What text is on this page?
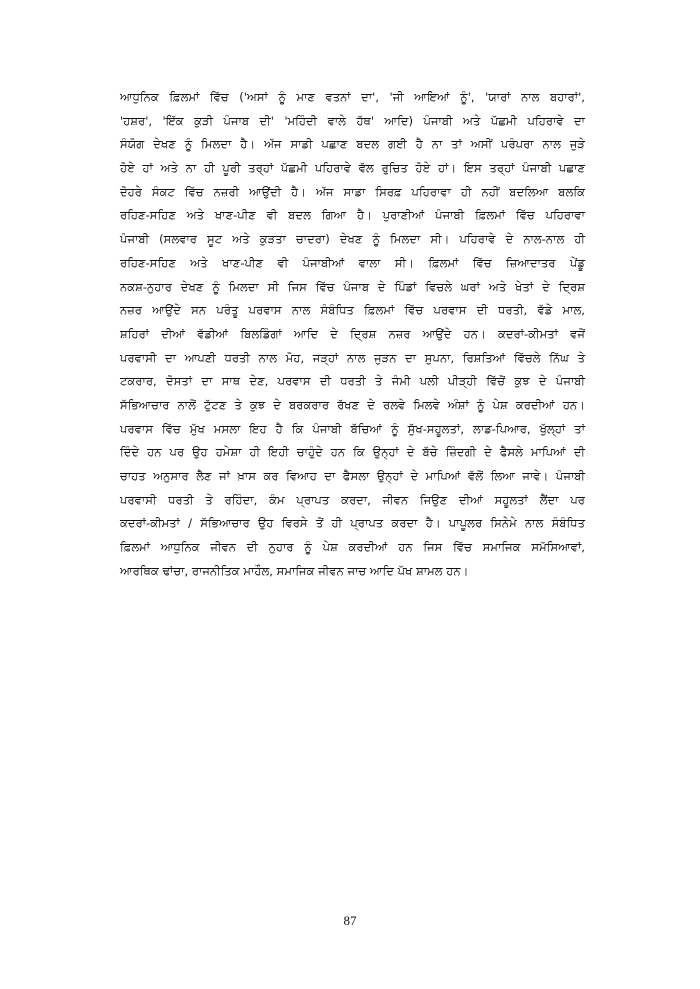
ਆਧੁਨਿਕ ਫ਼ਿਲਮਾਂ ਵਿੱਚ ('ਅਸਾਂ ਨੂੰ ਮਾਣ ਵਤਨਾਂ ਦਾ', 'ਜੀ ਆਇਆਂ ਨੂੰ', 'ਯਾਰਾਂ ਨਾਲ ਬਹਾਰਾਂ',
'ਹਸ਼ਰ', 'ਇੱਕ ਕੁੜੀ ਪੰਜਾਬ ਦੀ' 'ਮਹਿੰਦੀ ਵਾਲੇ ਹੱਥ' ਆਦਿ) ਪੰਜਾਬੀ ਅਤੇ ਪੱਛਮੀ ਪਹਿਰਾਵੇ ਦਾ
ਸੰਯੋਗ ਦੇਖਣ ਨੂੰ ਮਿਲਦਾ ਹੈ। ਅੱਜ ਸਾਡੀ ਪਛਾਣ ਬਦਲ ਗਈ ਹੈ ਨਾ ਤਾਂ ਅਸੀਂ ਪਰੰਪਰਾ ਨਾਲ ਜੁੜੇ
ਹੋਏ ਹਾਂ ਅਤੇ ਨਾ ਹੀ ਪੂਰੀ ਤਰ੍ਹਾਂ ਪੱਛਮੀ ਪਹਿਰਾਵੇ ਵੱਲ ਰੁਚਿਤ ਹੋਏ ਹਾਂ। ਇਸ ਤਰ੍ਹਾਂ ਪੰਜਾਬੀ ਪਛਾਣ
ਦੋਹਰੇ ਸੰਕਟ ਵਿੱਚ ਨਜ਼ਰੀ ਆਉਂਦੀ ਹੈ। ਅੱਜ ਸਾਡਾ ਸਿਰਫ਼ ਪਹਿਰਾਵਾ ਹੀ ਨਹੀਂ ਬਦਲਿਆ ਬਲਕਿ
ਰਹਿਣ-ਸਹਿਣ ਅਤੇ ਖਾਣ-ਪੀਣ ਵੀ ਬਦਲ ਗਿਆ ਹੈ। ਪੁਰਾਣੀਆਂ ਪੰਜਾਬੀ ਫ਼ਿਲਮਾਂ ਵਿੱਚ ਪਹਿਰਾਵਾ
ਪੰਜਾਬੀ (ਸਲਵਾਰ ਸੂਟ ਅਤੇ ਕੁੜਤਾ ਚਾਦਰਾ) ਦੇਖਣ ਨੂੰ ਮਿਲਦਾ ਸੀ। ਪਹਿਰਾਵੇ ਦੇ ਨਾਲ-ਨਾਲ ਹੀ
ਰਹਿਣ-ਸਹਿਣ ਅਤੇ ਖਾਣ-ਪੀਣ ਵੀ ਪੰਜਾਬੀਆਂ ਵਾਲਾ ਸੀ। ਫ਼ਿਲਮਾਂ ਵਿੱਚ ਜ਼ਿਆਦਾਤਰ ਪੇਂਡੂ
ਨਕਸ਼-ਨੁਹਾਰ ਦੇਖਣ ਨੂੰ ਮਿਲਦਾ ਸੀ ਜਿਸ ਵਿੱਚ ਪੰਜਾਬ ਦੇ ਪਿੰਡਾਂ ਵਿਚਲੇ ਘਰਾਂ ਅਤੇ ਖੇਤਾਂ ਦੇ ਦ੍ਰਿਸ਼
ਨਜ਼ਰ ਆਉਂਦੇ ਸਨ ਪਰੰਤੂ ਪਰਵਾਸ ਨਾਲ ਸੰਬੰਧਿਤ ਫ਼ਿਲਮਾਂ ਵਿੱਚ ਪਰਵਾਸ ਦੀ ਧਰਤੀ, ਵੱਡੇ ਮਾਲ,
ਸ਼ਹਿਰਾਂ ਦੀਆਂ ਵੱਡੀਆਂ ਬਿਲਡਿੰਗਾਂ ਆਦਿ ਦੇ ਦ੍ਰਿਸ਼ ਨਜ਼ਰ ਆਉਂਦੇ ਹਨ। ਕਦਰਾਂ-ਕੀਮਤਾਂ ਵਜੋਂ
ਪਰਵਾਸੀ ਦਾ ਆਪਣੀ ਧਰਤੀ ਨਾਲ ਮੋਹ, ਜੜ੍ਹਾਂ ਨਾਲ ਜੁੜਨ ਦਾ ਸੁਪਨਾ, ਰਿਸ਼ਤਿਆਂ ਵਿੱਚਲੇ ਨਿੱਘ ਤੇ
ਟਕਰਾਰ, ਦੋਸਤਾਂ ਦਾ ਸਾਥ ਦੇਣ, ਪਰਵਾਸ ਦੀ ਧਰਤੀ ਤੇ ਜੰਮੀ ਪਲੀ ਪੀੜ੍ਹੀ ਵਿੱਚੋਂ ਕੁਝ ਦੇ ਪੰਜਾਬੀ
ਸੱਭਿਆਚਾਰ ਨਾਲੋਂ ਟੁੱਟਣ ਤੇ ਕੁਝ ਦੇ ਬਰਕਰਾਰ ਰੱਖਣ ਦੇ ਰਲਵੇ ਮਿਲਵੇ ਅੰਸ਼ਾਂ ਨੂੰ ਪੇਸ਼ ਕਰਦੀਆਂ ਹਨ।
ਪਰਵਾਸ ਵਿੱਚ ਮੁੱਖ ਮਸਲਾ ਇਹ ਹੈ ਕਿ ਪੰਜਾਬੀ ਬੱਚਿਆਂ ਨੂੰ ਸੁੱਖ-ਸਹੂਲਤਾਂ, ਲਾਡ-ਪਿਆਰ, ਖੁੱਲ੍ਹਾਂ ਤਾਂ
ਦਿੰਦੇ ਹਨ ਪਰ ਉਹ ਹਮੇਸ਼ਾ ਹੀ ਇਹੀ ਚਾਹੁੰਦੇ ਹਨ ਕਿ ਉਨ੍ਹਾਂ ਦੇ ਬੱਚੇ ਜ਼ਿੰਦਗੀ ਦੇ ਫੈਸਲੇ ਮਾਪਿਆਂ ਦੀ
ਚਾਹਤ ਅਨੁਸਾਰ ਲੈਣ ਜਾਂ ਖ਼ਾਸ ਕਰ ਵਿਆਹ ਦਾ ਫੈਸਲਾ ਉਨ੍ਹਾਂ ਦੇ ਮਾਪਿਆਂ ਵੱਲੋਂ ਲਿਆ ਜਾਵੇ। ਪੰਜਾਬੀ
ਪਰਵਾਸੀ ਧਰਤੀ ਤੇ ਰਹਿੰਦਾ, ਕੰਮ ਪ੍ਰਾਪਤ ਕਰਦਾ, ਜੀਵਨ ਜਿਉਣ ਦੀਆਂ ਸਹੂਲਤਾਂ ਲੈਂਦਾ ਪਰ
ਕਦਰਾਂ-ਕੀਮਤਾਂ / ਸੱਭਿਆਚਾਰ ਉਹ ਵਿਰਸੇ ਤੋਂ ਹੀ ਪ੍ਰਾਪਤ ਕਰਦਾ ਹੈ। ਪਾਪੂਲਰ ਸਿਨੇਮੇ ਨਾਲ ਸੰਬੰਧਿਤ
ਫ਼ਿਲਮਾਂ ਆਧੁਨਿਕ ਜੀਵਨ ਦੀ ਨੁਹਾਰ ਨੂੰ ਪੇਸ਼ ਕਰਦੀਆਂ ਹਨ ਜਿਸ ਵਿੱਚ ਸਮਾਜਿਕ ਸਮੱਸਿਆਵਾਂ,
ਆਰਥਿਕ ਢਾਂਚਾ, ਰਾਜਨੀਤਿਕ ਮਾਹੌਲ, ਸਮਾਜਿਕ ਜੀਵਨ ਜਾਚ ਆਦਿ ਪੱਖ ਸ਼ਾਮਲ ਹਨ।
87
